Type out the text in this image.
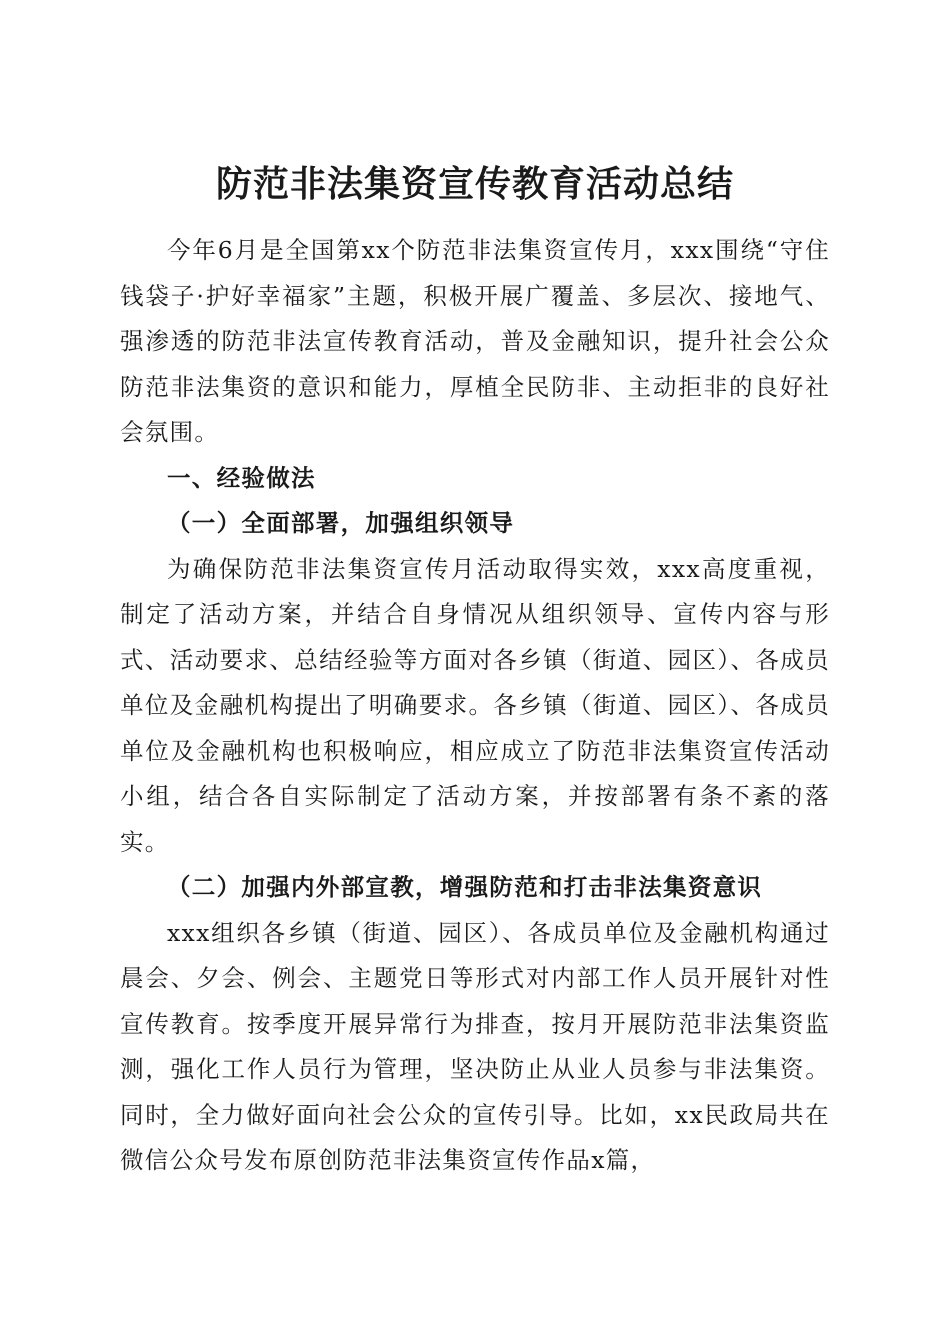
防范非法集资宣传教育活动总结

今年6月是全国第xx个防范非法集资宣传月，xxx围绕“守住钱袋子·护好幸福家”主题，积极开展广覆盖、多层次、接地气、强渗透的防范非法宣传教育活动，普及金融知识，提升社会公众防范非法集资的意识和能力，厚植全民防非、主动拒非的良好社会氛围。

一、经验做法

（一）全面部署，加强组织领导

为确保防范非法集资宣传月活动取得实效，xxx高度重视，制定了活动方案，并结合自身情况从组织领导、宣传内容与形式、活动要求、总结经验等方面对各乡镇（街道、园区）、各成员单位及金融机构提出了明确要求。各乡镇（街道、园区）、各成员单位及金融机构也积极响应，相应成立了防范非法集资宣传活动小组，结合各自实际制定了活动方案，并按部署有条不紊的落实。

（二）加强内外部宣教，增强防范和打击非法集资意识

xxx组织各乡镇（街道、园区）、各成员单位及金融机构通过晨会、夕会、例会、主题党日等形式对内部工作人员开展针对性宣传教育。按季度开展异常行为排查，按月开展防范非法集资监测，强化工作人员行为管理，坚决防止从业人员参与非法集资。同时，全力做好面向社会公众的宣传引导。比如，xx民政局共在微信公众号发布原创防范非法集资宣传作品x篇，
